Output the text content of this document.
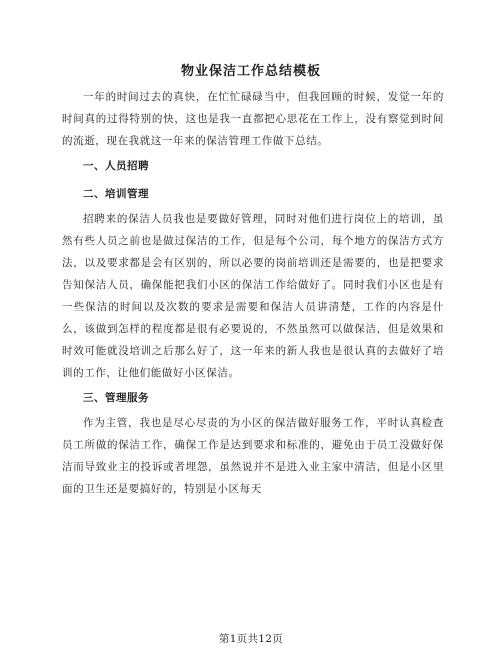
物业保洁工作总结模板

一年的时间过去的真快，在忙忙碌碌当中，但我回顾的时候，发觉一年的时间真的过得特别的快，这也是我一直都把心思花在工作上，没有察觉到时间的流逝，现在我就这一年来的保洁管理工作做下总结。

一、人员招聘

二、培训管理

招聘来的保洁人员我也是要做好管理，同时对他们进行岗位上的培训，虽然有些人员之前也是做过保洁的工作，但是每个公司，每个地方的保洁方式方法，以及要求都是会有区别的，所以必要的岗前培训还是需要的，也是把要求告知保洁人员，确保能把我们小区的保洁工作给做好了。同时我们小区也是有一些保洁的时间以及次数的要求是需要和保洁人员讲清楚，工作的内容是什么，该做到怎样的程度都是很有必要说的，不然虽然可以做保洁，但是效果和时效可能就没培训之后那么好了，这一年来的新人我也是很认真的去做好了培训的工作，让他们能做好小区保洁。

三、管理服务

作为主管，我也是尽心尽责的为小区的保洁做好服务工作，平时认真检查员工所做的保洁工作，确保工作是达到要求和标准的，避免由于员工没做好保洁而导致业主的投诉或者埋怨，虽然说并不是进入业主家中清洁，但是小区里面的卫生还是要搞好的，特别是小区每天

第1页共12页
